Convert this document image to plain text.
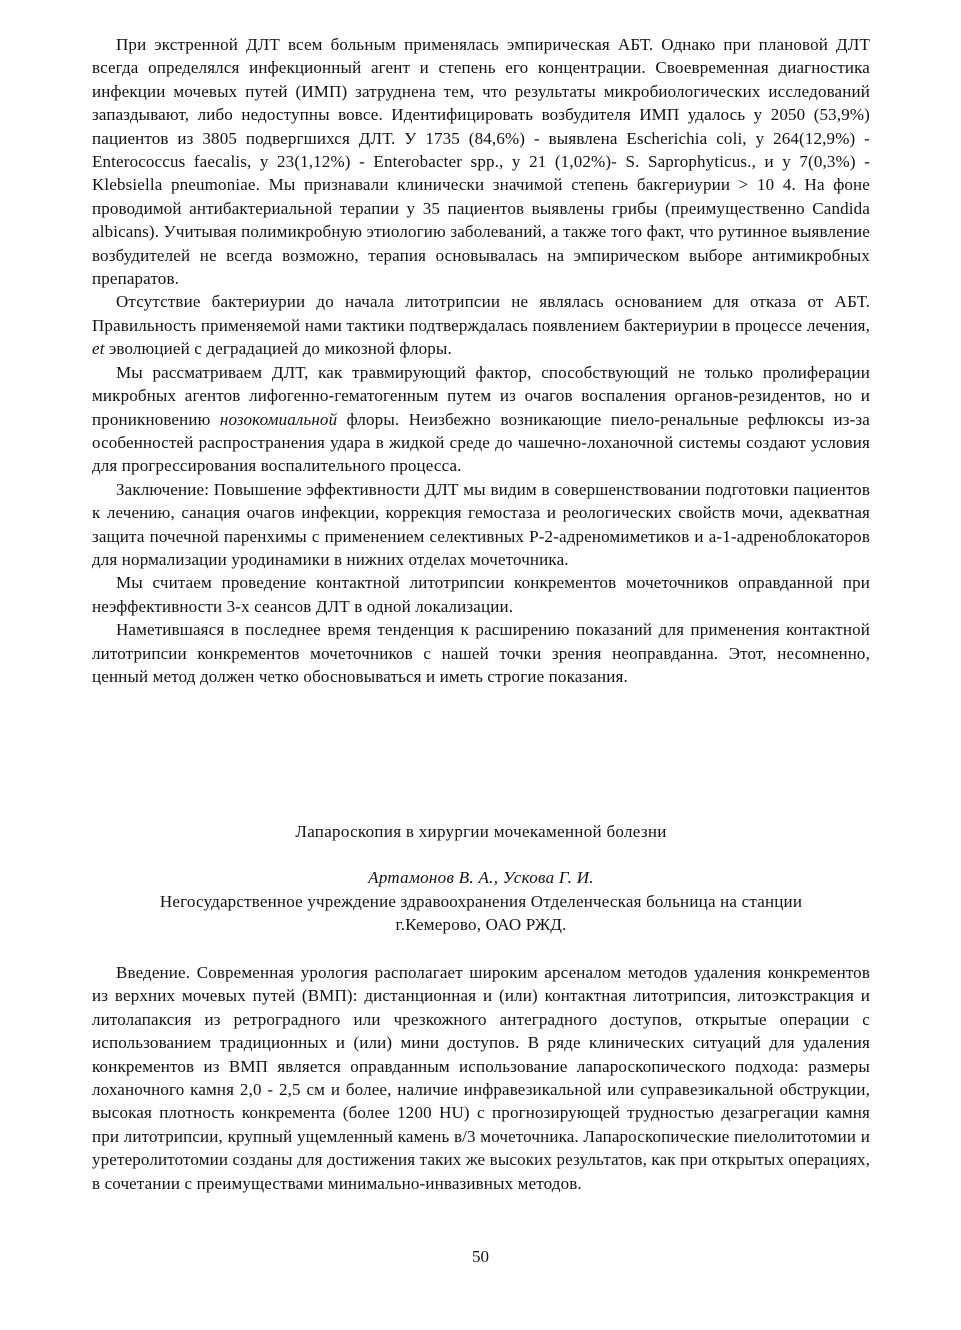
При экстренной ДЛТ всем больным применялась эмпирическая АБТ. Однако при плановой ДЛТ всегда определялся инфекционный агент и степень его концентрации. Своевременная диагностика инфекции мочевых путей (ИМП) затруднена тем, что результаты микробиологических исследований запаздывают, либо недоступны вовсе. Идентифицировать возбудителя ИМП удалось у 2050 (53,9%) пациентов из 3805 подвергшихся ДЛТ. У 1735 (84,6%) - выявлена Escherichia coli, у 264(12,9%) - Enterococcus faecalis, у 23(1,12%) - Enterobacter spp., у 21 (1,02%)- S. Saprophyticus., и у 7(0,3%) - Klebsiella pneumoniae. Мы признавали клинически значимой степень бакгериурии > 10 4. На фоне проводимой антибактериальной терапии у 35 пациентов выявлены грибы (преимущественно Candida albicans). Учитывая полимикробную этиологию заболеваний, а также того факт, что рутинное выявление возбудителей не всегда возможно, терапия основывалась на эмпирическом выборе антимикробных препаратов.

Отсутствие бактериурии до начала литотрипсии не являлась основанием для отказа от АБТ. Правильность применяемой нами тактики подтверждалась появлением бактериурии в процессе лечения, et эволюцией с деградацией до микозной флоры.

Мы рассматриваем ДЛТ, как травмирующий фактор, способствующий не только пролиферации микробных агентов лифогенно-гематогенным путем из очагов воспаления органов-резидентов, но и проникновению нозокомиальной флоры. Неизбежно возникающие пиело-ренальные рефлюксы из-за особенностей распространения удара в жидкой среде до чашечно-лоханочной системы создают условия для прогрессирования воспалительного процесса.

Заключение: Повышение эффективности ДЛТ мы видим в совершенствовании подготовки пациентов к лечению, санация очагов инфекции, коррекция гемостаза и реологических свойств мочи, адекватная защита почечной паренхимы с применением селективных Р-2-адреномиметиков и а-1-адреноблокаторов для нормализации уродинамики в нижних отделах мочеточника.

Мы считаем проведение контактной литотрипсии конкрементов мочеточников оправданной при неэффективности 3-х сеансов ДЛТ в одной локализации.

Наметившаяся в последнее время тенденция к расширению показаний для применения контактной литотрипсии конкрементов мочеточников с нашей точки зрения неоправданна. Этот, несомненно, ценный метод должен четко обосновываться и иметь строгие показания.

Лапароскопия в хирургии мочекаменной болезни
Артамонов В. А., Ускова Г. И.
Негосударственное учреждение здравоохранения Отделенческая больница на станции
г.Кемерово, ОАО РЖД.

Введение. Современная урология располагает широким арсеналом методов удаления конкрементов из верхних мочевых путей (ВМП): дистанционная и (или) контактная литотрипсия, литоэкстракция и литолапаксия из ретроградного или чрезкожного антеградного доступов, открытые операции с использованием традиционных и (или) мини доступов. В ряде клинических ситуаций для удаления конкрементов из ВМП является оправданным использование лапароскопического подхода: размеры лоханочного камня 2,0 - 2,5 см и более, наличие инфравезикальной или суправезикальной обструкции, высокая плотность конкремента (более 1200 HU) с прогнозирующей трудностью дезагрегации камня при литотрипсии, крупный ущемленный камень в/3 мочеточника. Лапароскопические пиелолитотомии и уретеролитотомии созданы для достижения таких же высоких результатов, как при открытых операциях, в сочетании с преимуществами минимально-инвазивных методов.

50
